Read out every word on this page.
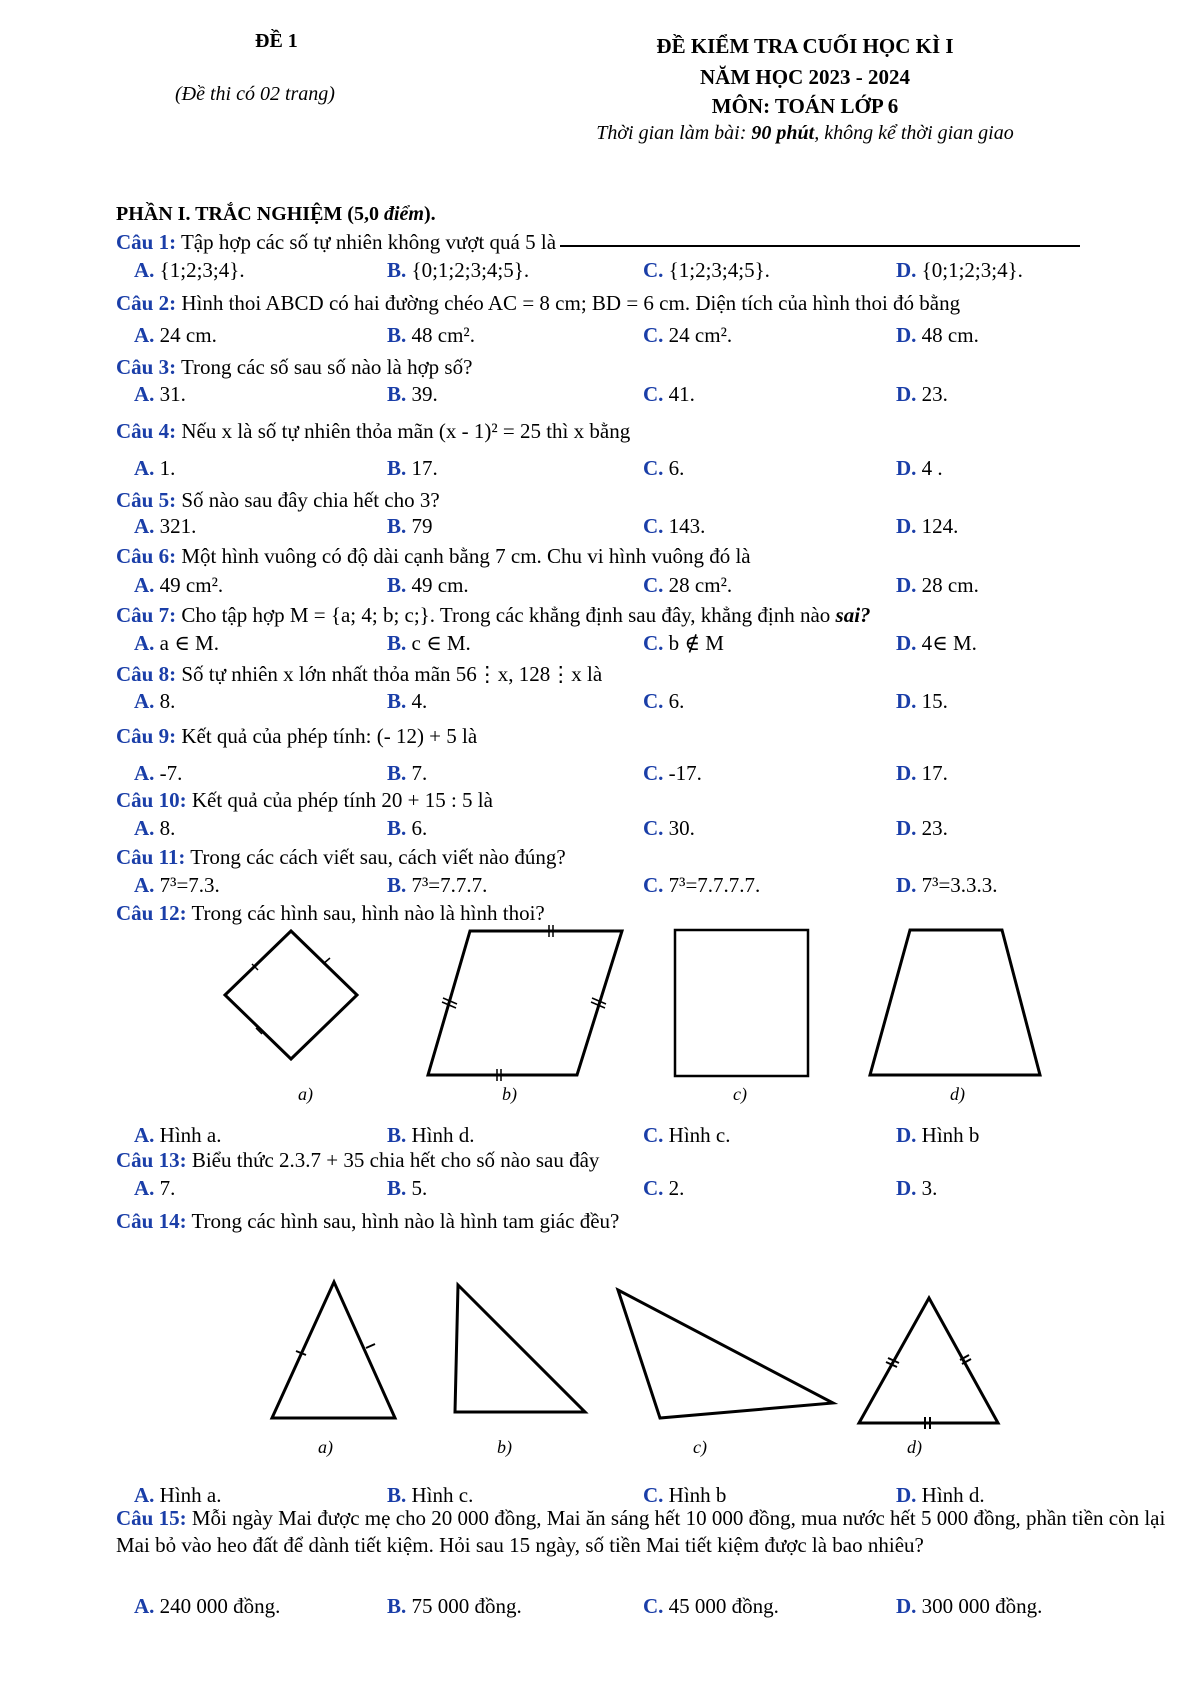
ĐỀ 1
(Đề thi có 02 trang)
ĐỀ KIỂM TRA CUỐI HỌC KÌ I
NĂM HỌC 2023 - 2024
MÔN: TOÁN LỚP 6
Thời gian làm bài: 90 phút, không kể thời gian giao
PHẦN I. TRẮC NGHIỆM (5,0 điểm).
Câu 1: Tập hợp các số tự nhiên không vượt quá 5 là
A. {1;2;3;4}.	B. {0;1;2;3;4;5}.	C. {1;2;3;4;5}.	D. {0;1;2;3;4}.
Câu 2: Hình thoi ABCD có hai đường chéo AC = 8 cm; BD = 6 cm. Diện tích của hình thoi đó bằng
A. 24 cm.	B. 48 cm².	C. 24 cm².	D. 48 cm.
Câu 3: Trong các số sau số nào là hợp số?
A. 31.	B. 39.	C. 41.	D. 23.
Câu 4: Nếu x là số tự nhiên thỏa mãn (x - 1)² = 25 thì x bằng
A. 1.	B. 17.	C. 6.	D. 4 .
Câu 5: Số nào sau đây chia hết cho 3?
A. 321.	B. 79	C. 143.	D. 124.
Câu 6: Một hình vuông có độ dài cạnh bằng 7 cm. Chu vi hình vuông đó là
A. 49 cm².	B. 49 cm.	C. 28 cm².	D. 28 cm.
Câu 7: Cho tập hợp M = {a; 4; b; c;}. Trong các khẳng định sau đây, khẳng định nào sai?
A. a ∈ M.	B. c ∈ M.	C. b ∉ M	D. 4∈ M.
Câu 8: Số tự nhiên x lớn nhất thỏa mãn 56⋮x, 128⋮x là
A. 8.	B. 4.	C. 6.	D. 15.
Câu 9: Kết quả của phép tính: (- 12) + 5 là
A. -7.	B. 7.	C. -17.	D. 17.
Câu 10: Kết quả của phép tính 20 + 15 : 5 là
A. 8.	B. 6.	C. 30.	D. 23.
Câu 11: Trong các cách viết sau, cách viết nào đúng?
A. 7³=7.3.	B. 7³=7.7.7.	C. 7³=7.7.7.7.	D. 7³=3.3.3.
Câu 12: Trong các hình sau, hình nào là hình thoi?
A. Hình a.	B. Hình d.	C. Hình c.	D. Hình b
Câu 13: Biểu thức 2.3.7 + 35 chia hết cho số nào sau đây
A. 7.	B. 5.	C. 2.	D. 3.
Câu 14: Trong các hình sau, hình nào là hình tam giác đều?
A. Hình a.	B. Hình c.	C. Hình b	D. Hình d.
Câu 15: Mỗi ngày Mai được mẹ cho 20 000 đồng, Mai ăn sáng hết 10 000 đồng, mua nước hết 5 000 đồng, phần tiền còn lại Mai bỏ vào heo đất để dành tiết kiệm. Hỏi sau 15 ngày, số tiền Mai tiết kiệm được là bao nhiêu?
A. 240 000 đồng.	B. 75 000 đồng.	C. 45 000 đồng.	D. 300 000 đồng.
a)	b)	c)	d)
a)	b)	c)	d)
